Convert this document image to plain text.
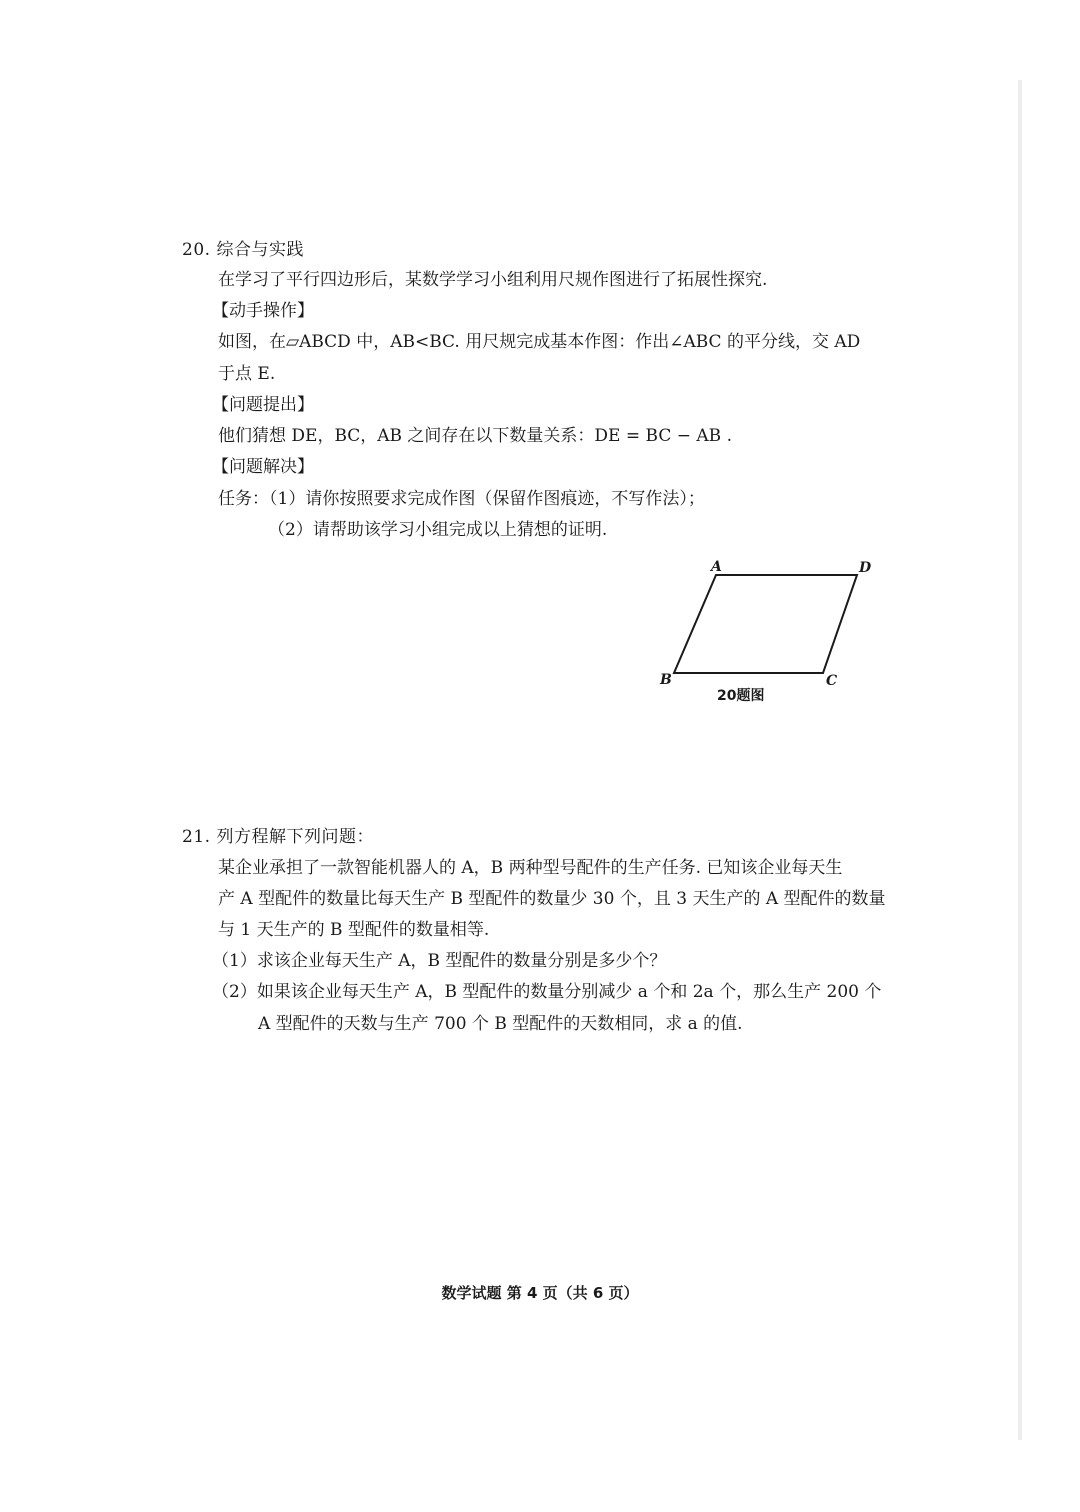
20. 综合与实践
在学习了平行四边形后，某数学学习小组利用尺规作图进行了拓展性探究.
【动手操作】
如图，在▱ABCD 中，AB<BC. 用尺规完成基本作图：作出∠ABC 的平分线，交 AD
于点 E.
【问题提出】
他们猜想 DE，BC，AB 之间存在以下数量关系：DE = BC − AB .
【问题解决】
任务：（1）请你按照要求完成作图（保留作图痕迹，不写作法）；
（2）请帮助该学习小组完成以上猜想的证明.
A	D
B	C
20题图
21. 列方程解下列问题：
某企业承担了一款智能机器人的 A，B 两种型号配件的生产任务. 已知该企业每天生
产 A 型配件的数量比每天生产 B 型配件的数量少 30 个，且 3 天生产的 A 型配件的数量
与 1 天生产的 B 型配件的数量相等.
（1）求该企业每天生产 A，B 型配件的数量分别是多少个？
（2）如果该企业每天生产 A，B 型配件的数量分别减少 a 个和 2a 个，那么生产 200 个
A 型配件的天数与生产 700 个 B 型配件的天数相同，求 a 的值.
数学试题 第 4 页（共 6 页）
